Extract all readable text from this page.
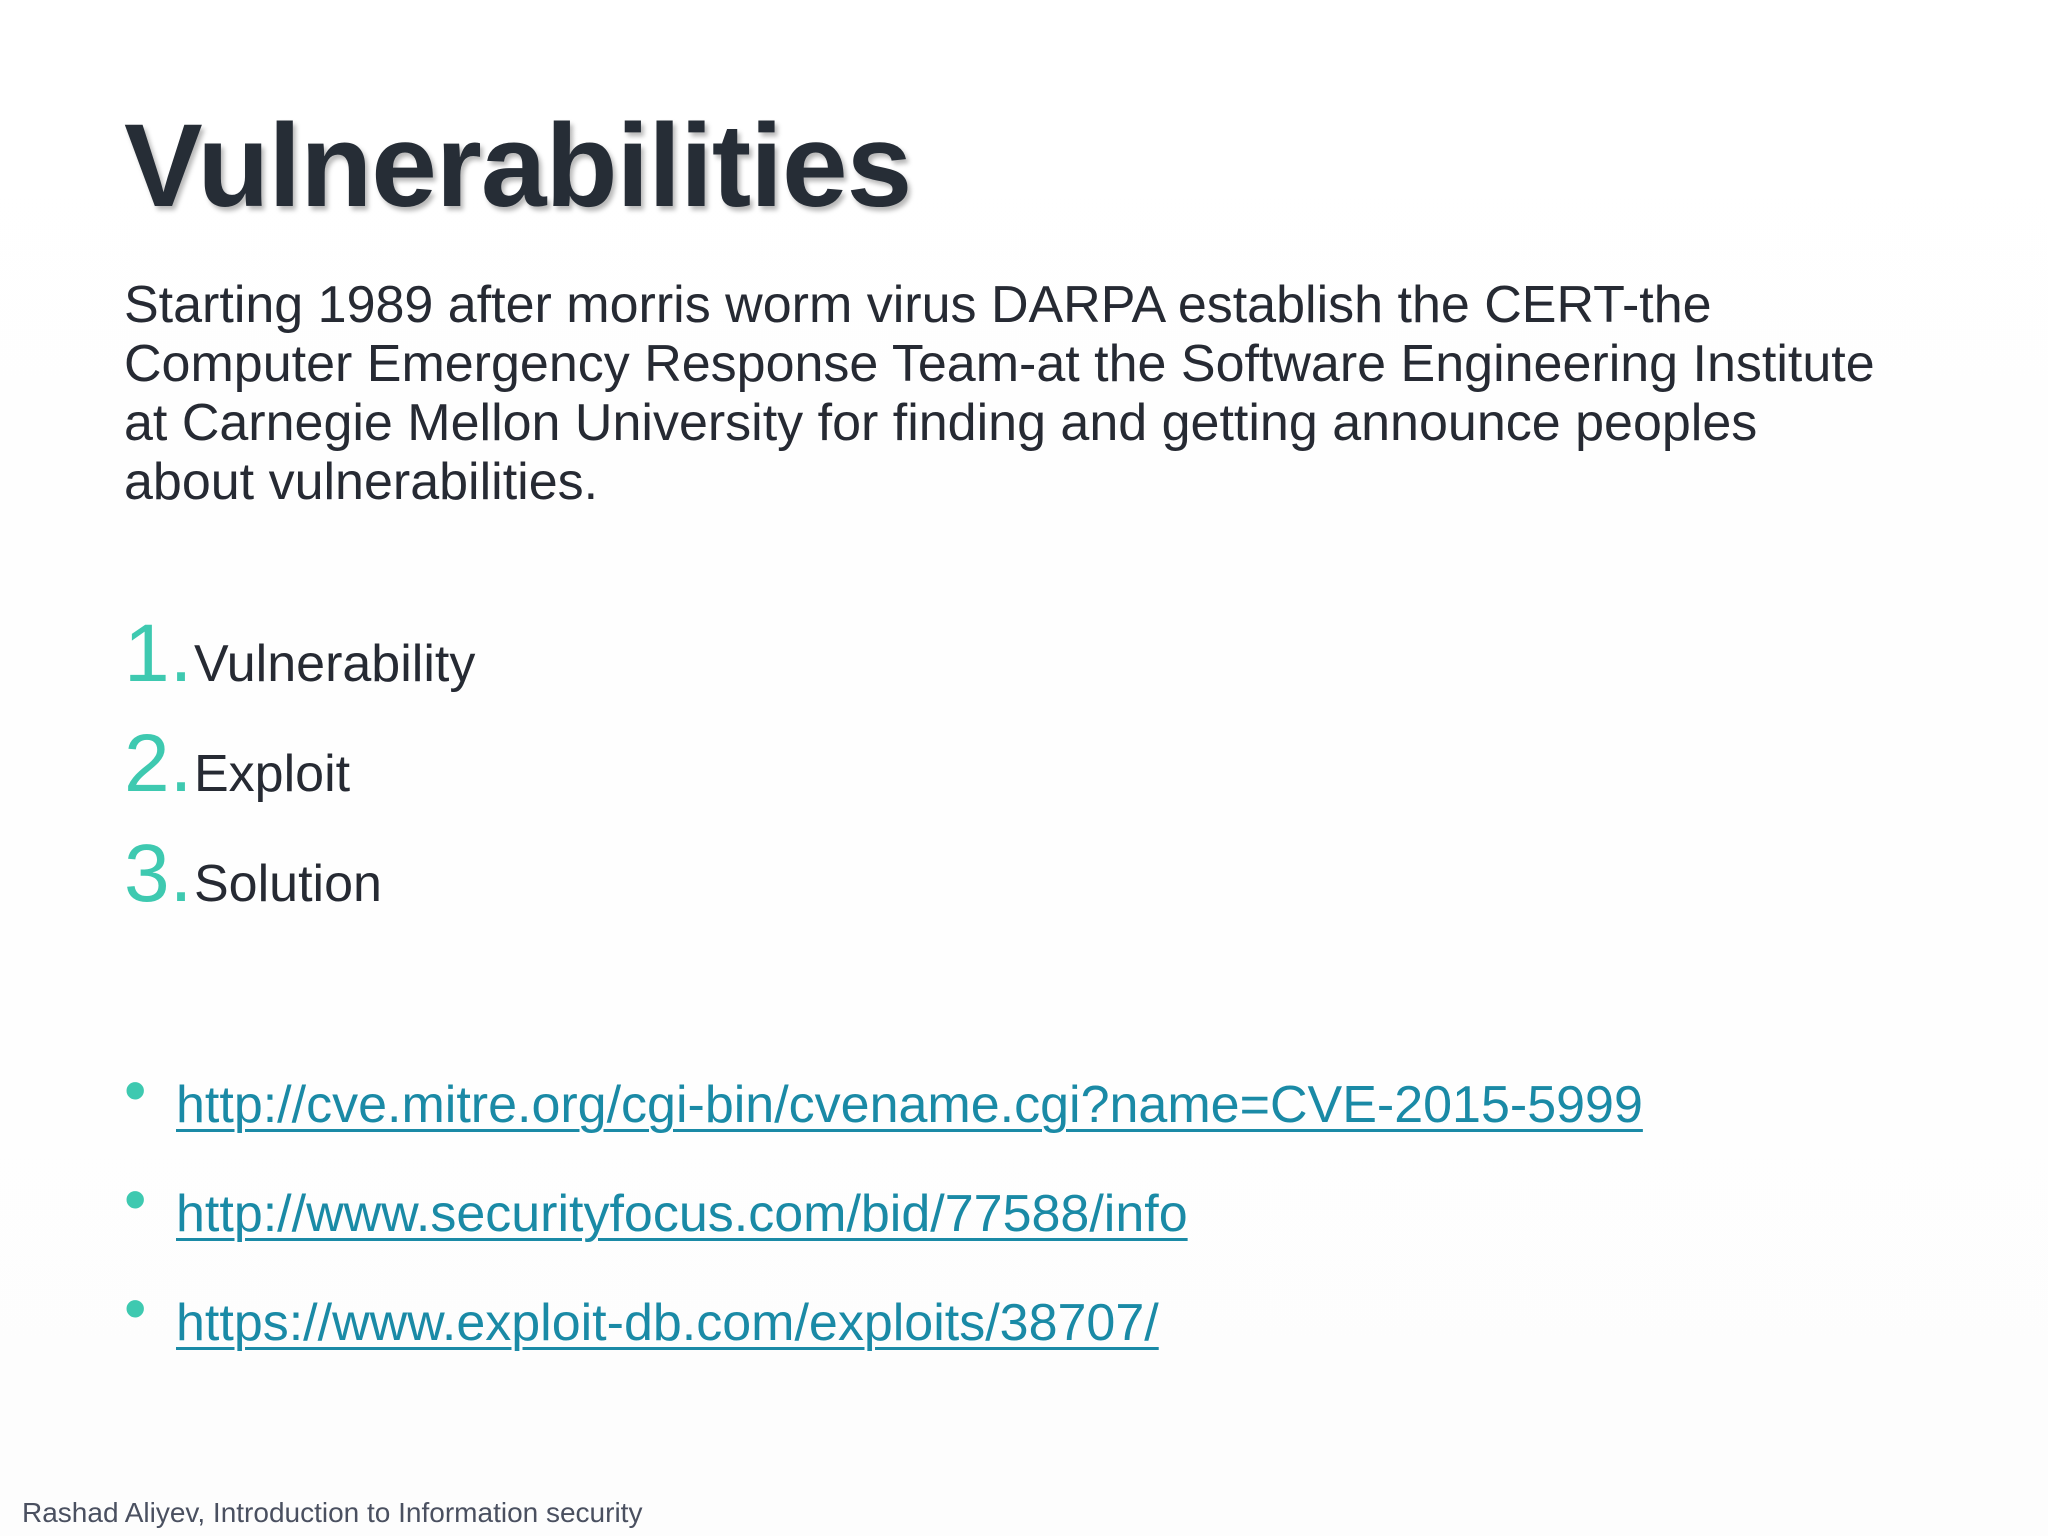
Vulnerabilities

Starting 1989 after morris worm virus DARPA establish the CERT-the Computer Emergency Response Team-at the Software Engineering Institute at Carnegie Mellon University for finding and getting announce peoples about vulnerabilities.

1. Vulnerability
2. Exploit
3. Solution
• http://cve.mitre.org/cgi-bin/cvename.cgi?name=CVE-2015-5999
• http://www.securityfocus.com/bid/77588/info
• https://www.exploit-db.com/exploits/38707/
Rashad Aliyev, Introduction to Information security
